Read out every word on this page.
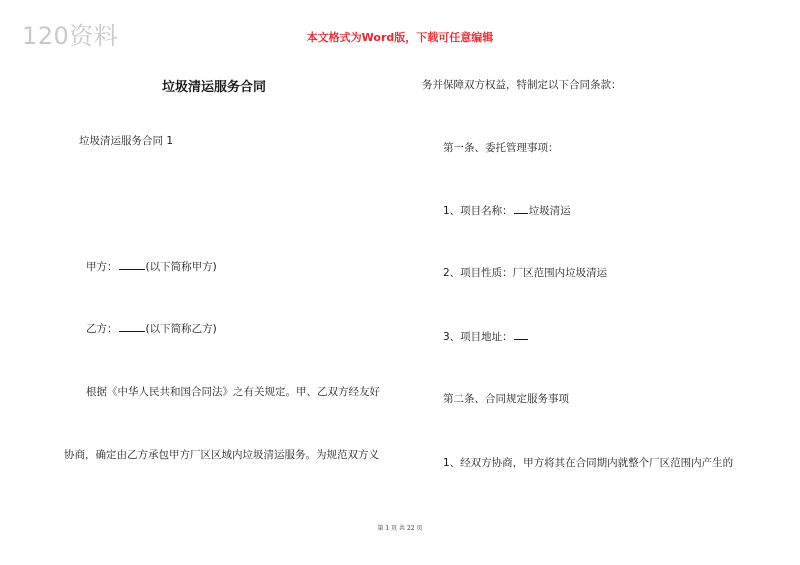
120资料	本文格式为Word版，下载可任意编辑
垃圾清运服务合同
垃圾清运服务合同 1
甲方：	(以下简称甲方)
乙方：	(以下简称乙方)
根据《中华人民共和国合同法》之有关规定。甲、乙双方经友好
协商，确定由乙方承包甲方厂区区域内垃圾清运服务。为规范双方义
务并保障双方权益，特制定以下合同条款：
第一条、委托管理事项：
1、项目名称： 垃圾清运
2、项目性质：厂区范围内垃圾清运
3、项目地址：
第二条、合同规定服务事项
1、经双方协商，甲方将其在合同期内就整个厂区范围内产生的
第 1 页 共 22 页
